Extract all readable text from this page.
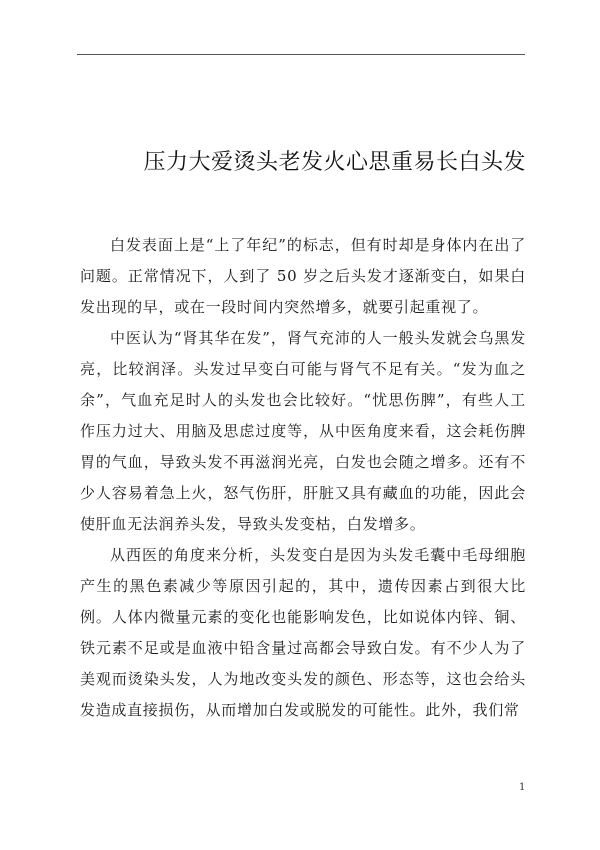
压力大爱烫头老发火心思重易长白头发

白发表面上是“上了年纪”的标志，但有时却是身体内在出了问题。正常情况下，人到了 50 岁之后头发才逐渐变白，如果白发出现的早，或在一段时间内突然增多，就要引起重视了。

中医认为“肾其华在发”，肾气充沛的人一般头发就会乌黑发亮，比较润泽。头发过早变白可能与肾气不足有关。“发为血之余”，气血充足时人的头发也会比较好。“忧思伤脾”，有些人工作压力过大、用脑及思虑过度等，从中医角度来看，这会耗伤脾胃的气血，导致头发不再滋润光亮，白发也会随之增多。还有不少人容易着急上火，怒气伤肝，肝脏又具有藏血的功能，因此会使肝血无法润养头发，导致头发变枯，白发增多。

从西医的角度来分析，头发变白是因为头发毛囊中毛母细胞产生的黑色素减少等原因引起的，其中，遗传因素占到很大比例。人体内微量元素的变化也能影响发色，比如说体内锌、铜、铁元素不足或是血液中铅含量过高都会导致白发。有不少人为了美观而烫染头发，人为地改变头发的颜色、形态等，这也会给头发造成直接损伤，从而增加白发或脱发的可能性。此外，我们常

1
